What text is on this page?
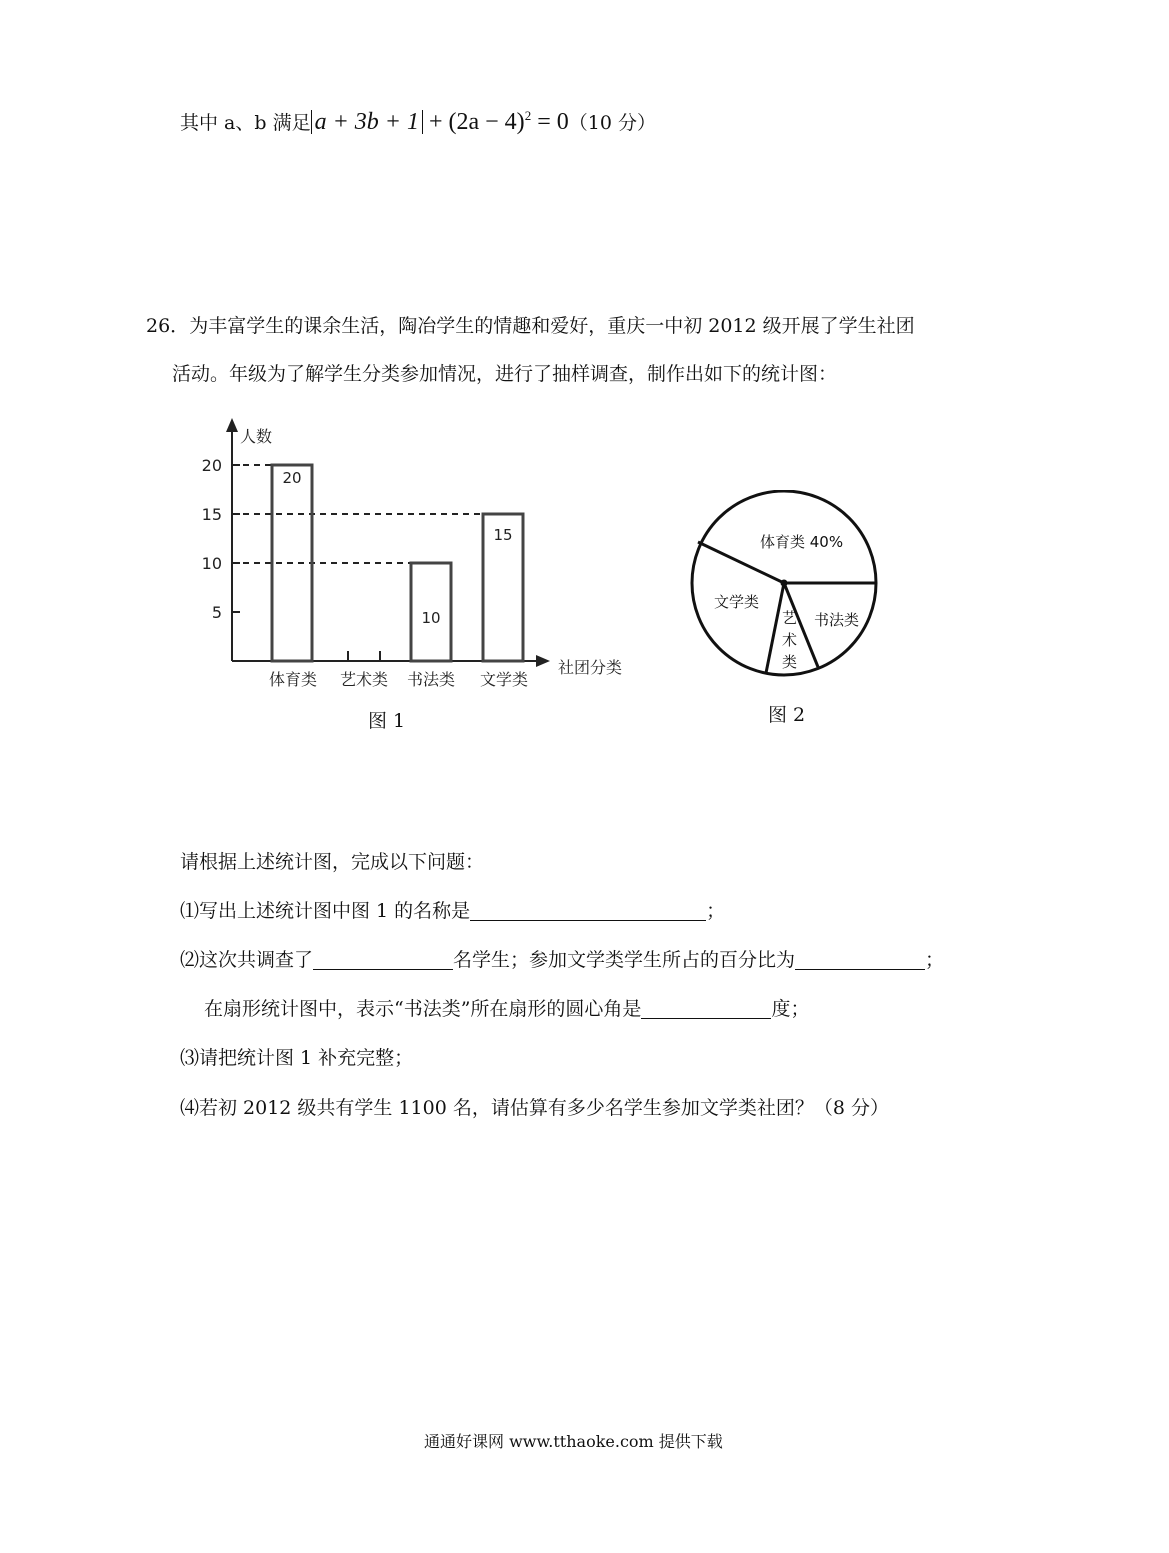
其中 a、b 满足 $a + 3b + 1 + (2a - 4)^2 = 0(10$ 分）
26．为丰富学生的课余生活，陶冶学生的情趣和爱好，重庆一中初 2012 级开展了学生社团
活动。年级为了解学生分类参加情况，进行了抽样调查，制作出如下的统计图：
人数
社团分类
5
10
15
20
20
体育类 艺术类
10
书法类
15
文学类
图 1
体育类 40%
书法类
艺
术
类
文学类
图 2
请根据上述统计图，完成以下问题：
⑴写出上述统计图中图 1 的名称是	；
⑵这次共调查了	名学生；参加文学类学生所占的百分比为	；
在扇形统计图中，表示“书法类”所在扇形的圆心角是	度；
⑶请把统计图 1 补充完整；
⑷若初 2012 级共有学生 1100 名，请估算有多少名学生参加文学类社团？（8 分）
通通好课网 www.tthaoke.com 提供下载
